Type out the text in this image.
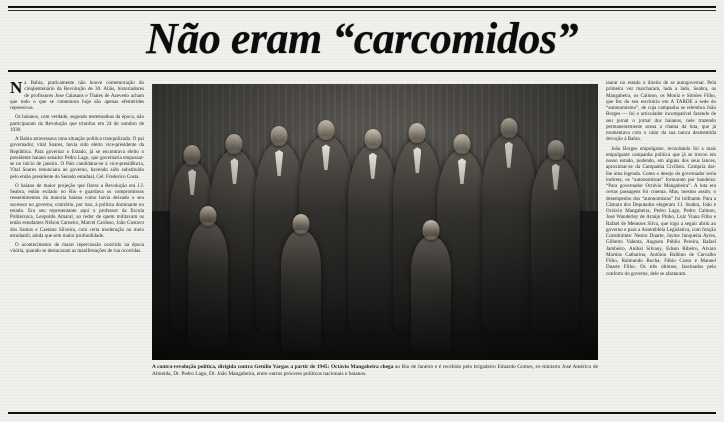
Não eram “carcomidos”

Na Bahia, praticamente não houve comemoração do cinqüentenário da Revolução de 30. Aliás, historiadores de profissores Jose Calasans e Thales de Azevedo acham que tudo o que se comemora hoje são apenas efemérides repressivas.

Os baianos, com verdade, segundo testemunhas da época, não participaram da Revolução que triunfou em 24 de outubro de 1930.

A Bahia atravessava uma situação política tranquilizada. O pai governador, vital Soares, havia sido eleito vice-presidente da República. Para governar o Estado, já se encontrava eleito o presidente baiano senador Pedro Lago, que governaria empossar-se no início de janeiro. O País candidatar-se à vice-presidência, Vital Soares renunciara ao governo, havendo sido substituído pelo então presidente do Senado estadual, Cel. Frederico Costa.

O baiano de maior projeção que fizera a Revolução era J.J. Seabra, então exilado no Rio e guardava os compromissos ressentimentos da maioria baiana como havia deixado o seu sucessor no governo, contrário, por isso, à política dominante no estado. Era seu representante aqui o professor da Escola Politécnica, Leopoldo Amaral, ao redor de quem militavam os então estudantes Nélson Carneiro, Marcel Cardoso, João Gustavo dos Santos e Caetano Silveira, com certa moderação no meio estudantil, ainda que sem maior profundidade.

O acontecimento de maior repercussão ocorrido na época vitória, quando se destacaram as manifestações de rua ocorridas.

A contra-revolução política, dirigida contra Getúlio Vargas a partir de 1945: Octávio Mangabeira chega ao Rio de Janeiro e é recebido pelo brigadeiro Eduardo Gomes, ex-ministro José Américo de Almeida, Dr. Pedro Lago, Dr. João Mangabeira, entre outros próceres políticos nacionais e baianos.

taurar no estado o direito de se autogovernar. Pela primeira vez marcharam, lado a lado, Seabra, os Mangabeira, os Calmon, os Moniz e Simões Filho, que fez do seu escritório em A TARDE a sede do “autonomismo”, de cuja campanha se relembra João Borges — foi o articulador incompatível fazendo de seu jornal o jornal dos baianos, nele trazendo permanentemente acesa a chama da luta, que já momentava com o calor da sua nunca desmentida devoção à Bahia.

João Borges empolgarse, recordando foi a mais empolgante campanha política que já se travou em nosso estado, podendo, em alguns dos seus lances, aproximar-se da Campanha Civilista. Cumpria dar-lhe uma legenda. Como o desejo do governador seria indireta, os “autonomistas” formaram por bandeira: “Para governador Octávio Mangabeira”. A luta era certas passagens foi cruenta. Mas, mesmo assim, o desempenho dos “autonomistas” foi brilhante. Para a Câmara dos Deputados elegeram J.J. Seabra, João e Octávio Mangabeira, Pedro Lago, Pedro Calmon, José Wanderley de Araújo Pinho, Luiz Viana Filho e Rafael de Menezes Silva, que logo a seguir abriu ao governo e para a Assembléia Legislativa, com função Constituinte: Nestor Duarte, Jayme Junqueira Ayres, Gilberto Valenta, Augusto Públio Pereira, Rafael Jambeiro, Anibal Silvany, Edson Ribeiro, Alvaro Martins Catharino, Antônio Balbino de Carvalho Filho, Raimundo Rocha, Fábio Costa e Manuel Duarte Filho. Os três últimos, fascinados pelo conforto do governo, dele se afastaram.
